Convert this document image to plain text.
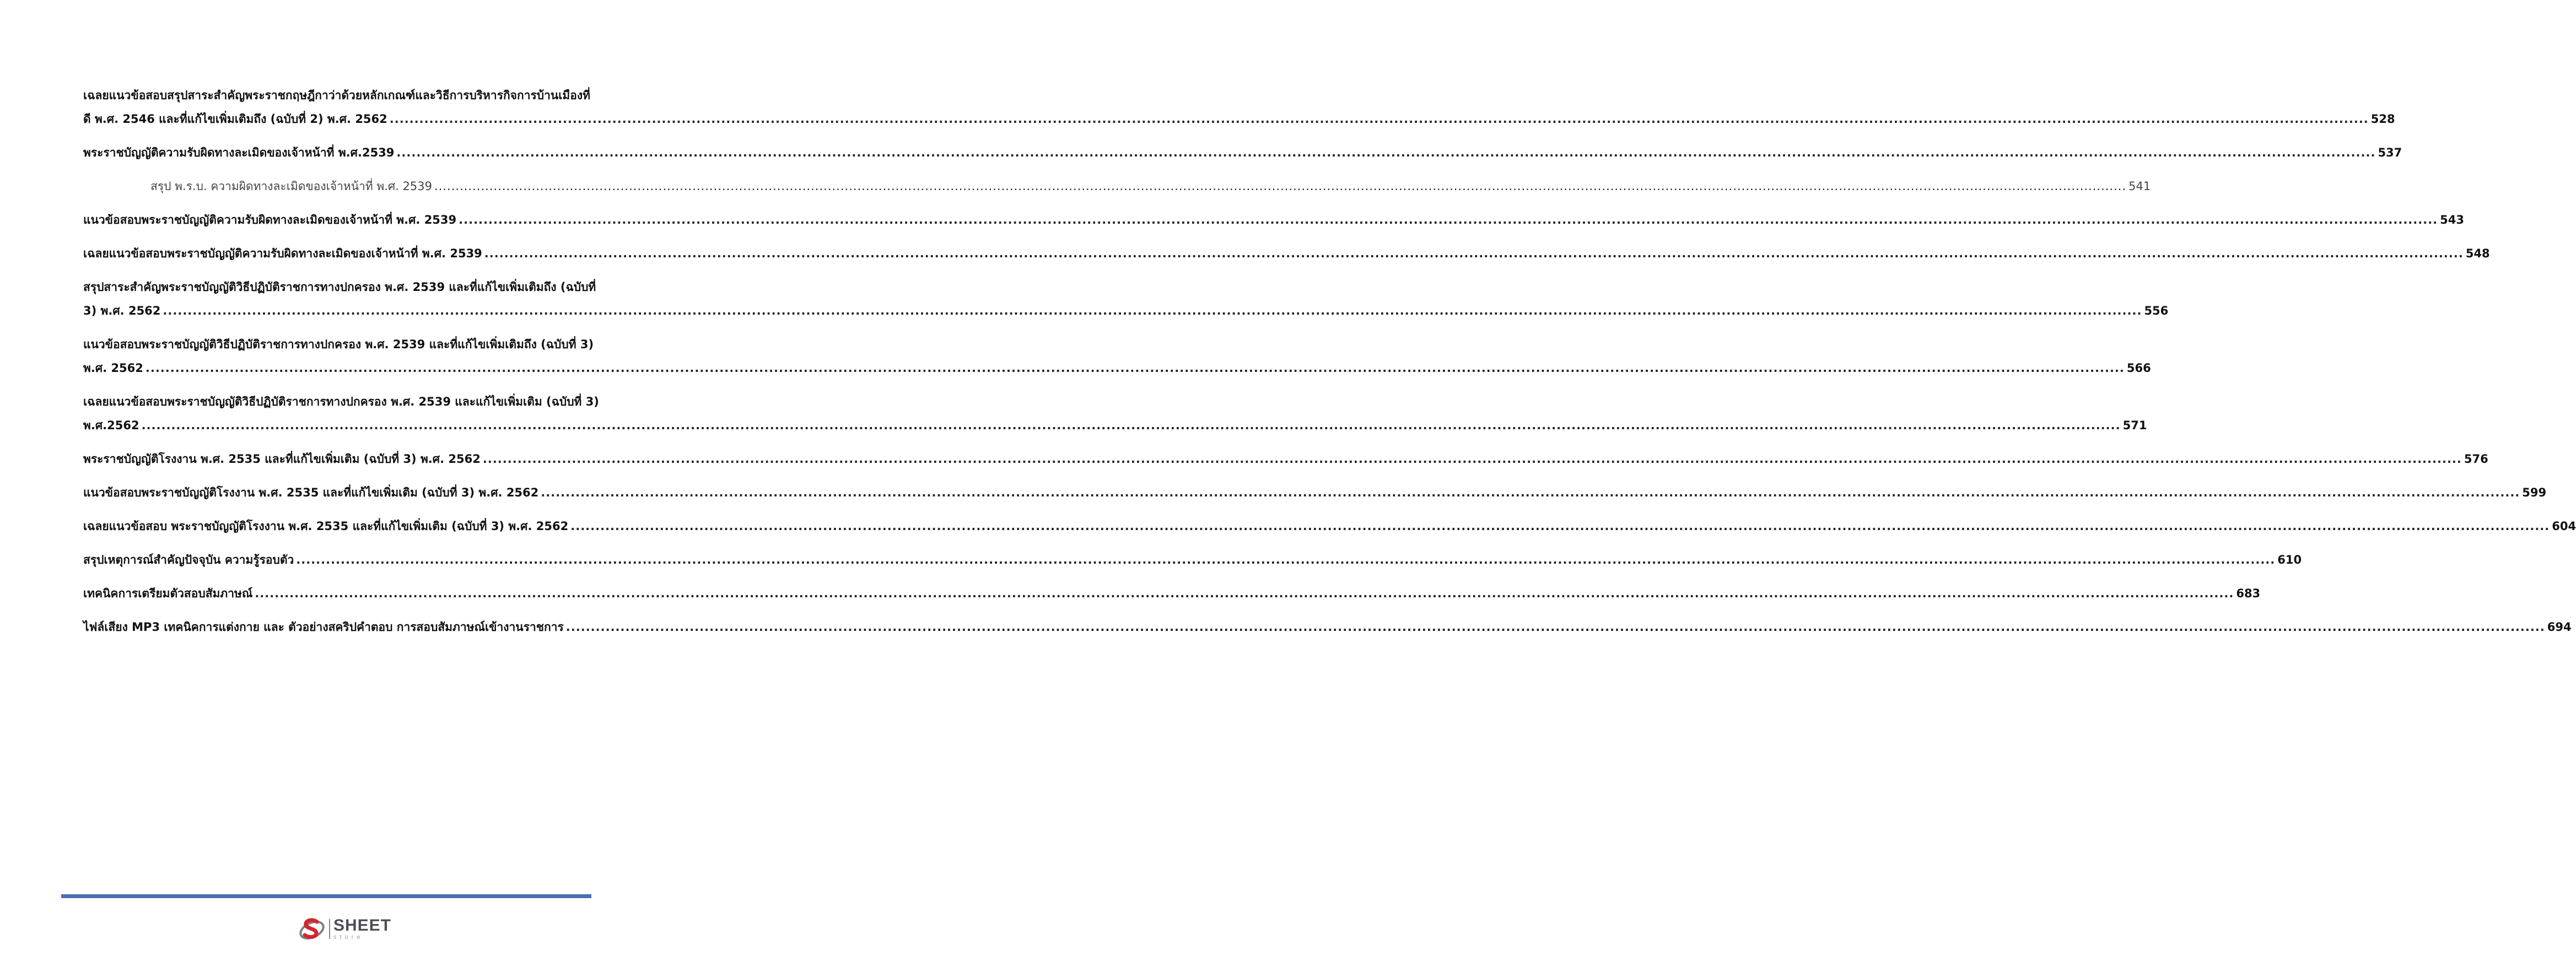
เฉลยแนวข้อสอบสรุปสาระสำคัญพระราชกฤษฎีกาว่าด้วยหลักเกณฑ์และวิธีการบริหารกิจการบ้านเมืองที่
ดี พ.ศ. 2546 และที่แก้ไขเพิ่มเติมถึง (ฉบับที่ 2) พ.ศ. 2562 ................................................................................................................................................................................................................................................................................................................................................................................................................ 528
พระราชบัญญัติความรับผิดทางละเมิดของเจ้าหน้าที่ พ.ศ.2539 ................................................................................................................................................................................................................................................................................................................................................................................................................ 537
สรุป พ.ร.บ. ความผิดทางละเมิดของเจ้าหน้าที่ พ.ศ. 2539 ................................................................................................................................................................................................................................................................................................................................................................................................................ 541
แนวข้อสอบพระราชบัญญัติความรับผิดทางละเมิดของเจ้าหน้าที่ พ.ศ. 2539 ................................................................................................................................................................................................................................................................................................................................................................................................................ 543
เฉลยแนวข้อสอบพระราชบัญญัติความรับผิดทางละเมิดของเจ้าหน้าที่ พ.ศ. 2539 ................................................................................................................................................................................................................................................................................................................................................................................................................ 548
สรุปสาระสำคัญพระราชบัญญัติวิธีปฏิบัติราชการทางปกครอง พ.ศ. 2539 และที่แก้ไขเพิ่มเติมถึง (ฉบับที่
3) พ.ศ. 2562 ................................................................................................................................................................................................................................................................................................................................................................................................................ 556
แนวข้อสอบพระราชบัญญัติวิธีปฏิบัติราชการทางปกครอง พ.ศ. 2539 และที่แก้ไขเพิ่มเติมถึง (ฉบับที่ 3)
พ.ศ. 2562 ................................................................................................................................................................................................................................................................................................................................................................................................................ 566
เฉลยแนวข้อสอบพระราชบัญญัติวิธีปฏิบัติราชการทางปกครอง พ.ศ. 2539 และแก้ไขเพิ่มเติม (ฉบับที่ 3)
พ.ศ.2562 ................................................................................................................................................................................................................................................................................................................................................................................................................ 571
พระราชบัญญัติโรงงาน พ.ศ. 2535 และที่แก้ไขเพิ่มเติม (ฉบับที่ 3) พ.ศ. 2562 ................................................................................................................................................................................................................................................................................................................................................................................................................ 576
แนวข้อสอบพระราชบัญญัติโรงงาน พ.ศ. 2535 และที่แก้ไขเพิ่มเติม (ฉบับที่ 3) พ.ศ. 2562 ................................................................................................................................................................................................................................................................................................................................................................................................................ 599
เฉลยแนวข้อสอบ พระราชบัญญัติโรงงาน พ.ศ. 2535 และที่แก้ไขเพิ่มเติม (ฉบับที่ 3) พ.ศ. 2562 ................................................................................................................................................................................................................................................................................................................................................................................................................ 604
สรุปเหตุการณ์สำคัญปัจจุบัน ความรู้รอบตัว ................................................................................................................................................................................................................................................................................................................................................................................................................ 610
เทคนิคการเตรียมตัวสอบสัมภาษณ์ ................................................................................................................................................................................................................................................................................................................................................................................................................ 683
ไฟล์เสียง MP3 เทคนิคการแต่งกาย และ ตัวอย่างสคริปคำตอบ การสอบสัมภาษณ์เข้างานราชการ ................................................................................................................................................................................................................................................................................................................................................................................................................ 694
SHEET
store
